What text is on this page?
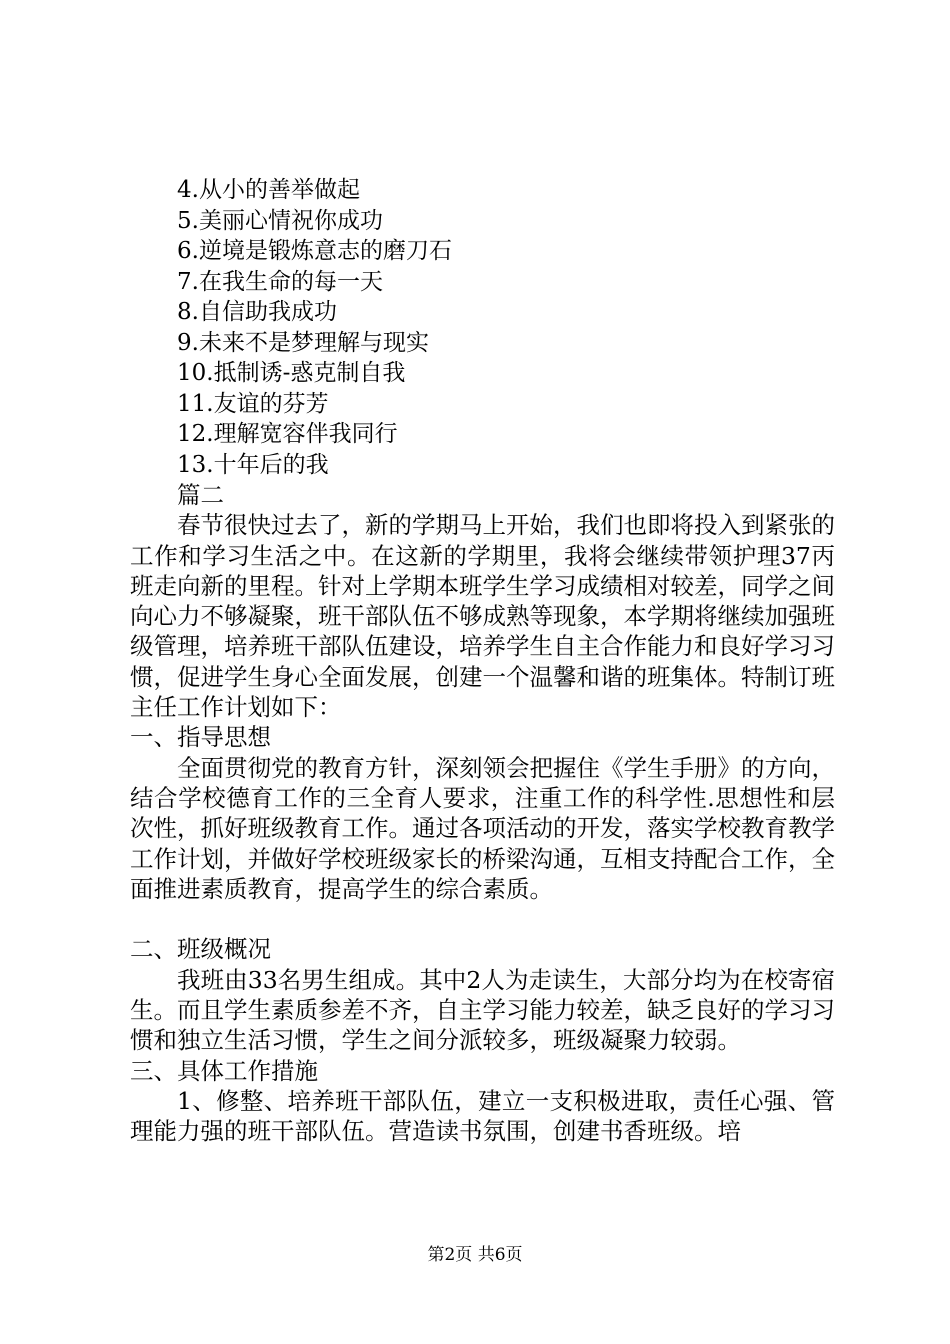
4.从小的善举做起
5.美丽心情祝你成功
6.逆境是锻炼意志的磨刀石
7.在我生命的每一天
8.自信助我成功
9.未来不是梦理解与现实
10.抵制诱-惑克制自我
11.友谊的芬芳
12.理解宽容伴我同行
13.十年后的我

篇二

春节很快过去了，新的学期马上开始，我们也即将投入到紧张的工作和学习生活之中。在这新的学期里，我将会继续带领护理37丙班走向新的里程。针对上学期本班学生学习成绩相对较差，同学之间向心力不够凝聚，班干部队伍不够成熟等现象，本学期将继续加强班级管理，培养班干部队伍建设，培养学生自主合作能力和良好学习习惯，促进学生身心全面发展，创建一个温馨和谐的班集体。特制订班主任工作计划如下：

一、指导思想

全面贯彻党的教育方针，深刻领会把握住《学生手册》的方向，结合学校德育工作的三全育人要求，注重工作的科学性.思想性和层次性，抓好班级教育工作。通过各项活动的开发，落实学校教育教学工作计划，并做好学校班级家长的桥梁沟通，互相支持配合工作，全面推进素质教育，提高学生的综合素质。

二、班级概况

我班由33名男生组成。其中2人为走读生，大部分均为在校寄宿生。而且学生素质参差不齐，自主学习能力较差，缺乏良好的学习习惯和独立生活习惯，学生之间分派较多，班级凝聚力较弱。

三、具体工作措施

1、修整、培养班干部队伍，建立一支积极进取，责任心强、管理能力强的班干部队伍。营造读书氛围，创建书香班级。培

第2页 共6页
